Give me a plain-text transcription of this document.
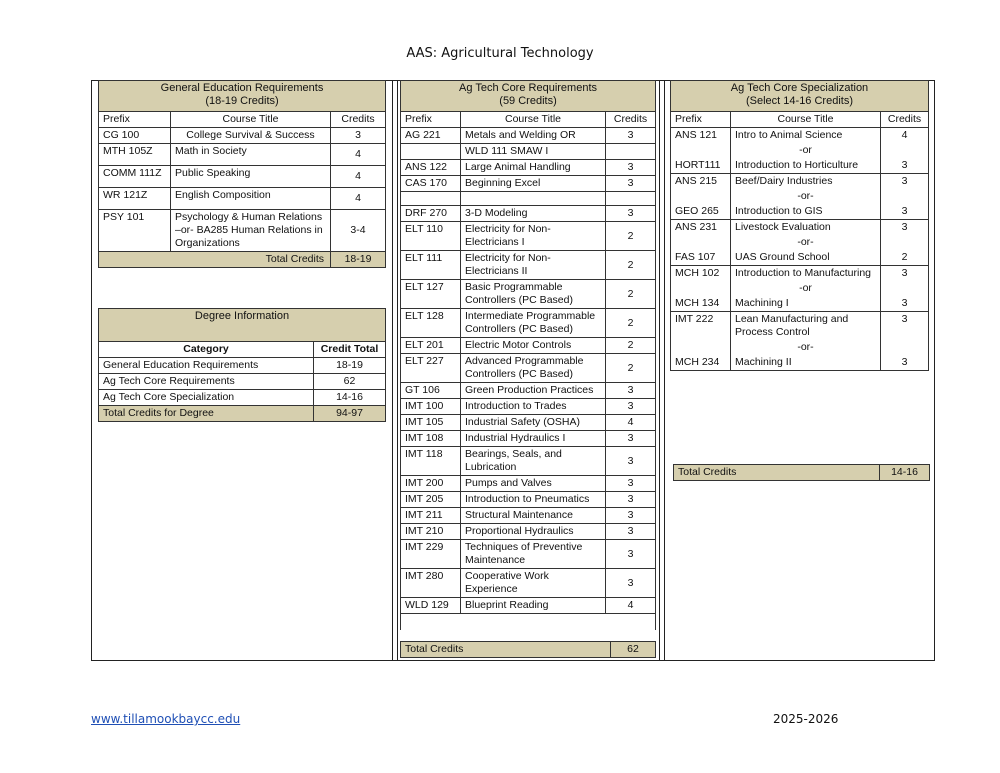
AAS: Agricultural Technology
General Education Requirements
(18-19 Credits)		

Prefix	Course Title	Credits
CG 100	College Survival & Success	3
MTH 105Z	Math in Society	4
COMM 111Z	Public Speaking	4
WR 121Z	English Composition	4
PSY 101	Psychology & Human Relations –or- BA285 Human Relations in Organizations	3-4
Total Credits		18-19
Degree Information	
Category	Credit Total
General Education Requirements	18-19
Ag Tech Core Requirements	62
Ag Tech Core Specialization	14-16
Total Credits for Degree	94-97
Ag Tech Core Requirements
(59 Credits)		

Prefix	Course Title	Credits
AG 221	Metals and Welding OR	3
	WLD 111 SMAW I	
ANS 122	Large Animal Handling	3
CAS 170	Beginning Excel	3

DRF 270	3-D Modeling	3
ELT 110	Electricity for Non-Electricians I	2
ELT 111	Electricity for Non-Electricians II	2
ELT 127	Basic Programmable Controllers (PC Based)	2
ELT 128	Intermediate Programmable Controllers (PC Based)	2
ELT 201	Electric Motor Controls	2
ELT 227	Advanced Programmable Controllers (PC Based)	2
GT 106	Green Production Practices	3
IMT 100	Introduction to Trades	3
IMT 105	Industrial Safety (OSHA)	4
IMT 108	Industrial Hydraulics I	3
IMT 118	Bearings, Seals, and Lubrication	3
IMT 200	Pumps and Valves	3
IMT 205	Introduction to Pneumatics	3
IMT 211	Structural Maintenance	3
IMT 210	Proportional Hydraulics	3
IMT 229	Techniques of Preventive Maintenance	3
IMT 280	Cooperative Work Experience	3
WLD 129	Blueprint Reading	4

Total Credits	62
Ag Tech Core Specialization
(Select 14-16 Credits)		

Prefix	Course Title	Credits
ANS 121	Intro to Animal Science	4
	-or	
HORT111	Introduction to Horticulture	3
ANS 215	Beef/Dairy Industries	3
	-or-	
GEO 265	Introduction to GIS	3
ANS 231	Livestock Evaluation	3
	-or-	
FAS 107	UAS Ground School	2
MCH 102	Introduction to Manufacturing	3
	-or	
MCH 134	Machining I	3
IMT 222	Lean Manufacturing and Process Control	3
	-or-	
MCH 234	Machining II	3
Total Credits	14-16
www.tillamookbaycc.edu	2025-2026
